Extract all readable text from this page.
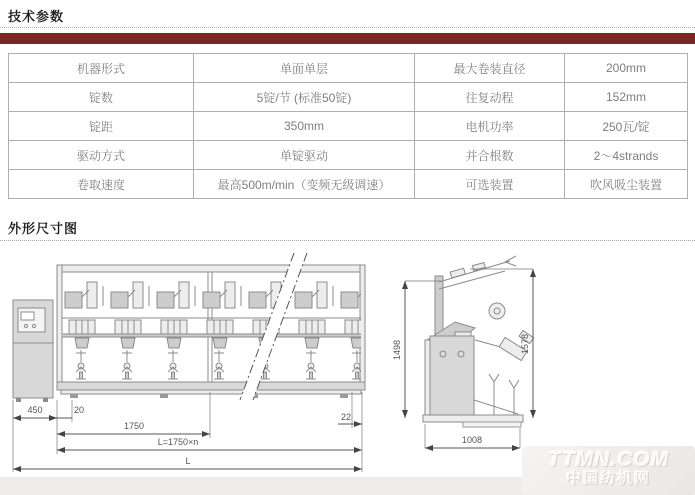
技术参数
机器形式	单面单层	最大卷装直径	200mm
锭数	5锭/节 (标准50锭)	往复动程	152mm
锭距	350mm	电机功率	250瓦/锭
驱动方式	单锭驱动	并合根数	2～4strands
卷取速度	最高500m/min（变频无级调速）	可选装置	吹风吸尘装置
外形尺寸图
450	20
22
1750
L=1750×n
L
1498	1578
1008
TTMN.COM
中国纺机网
